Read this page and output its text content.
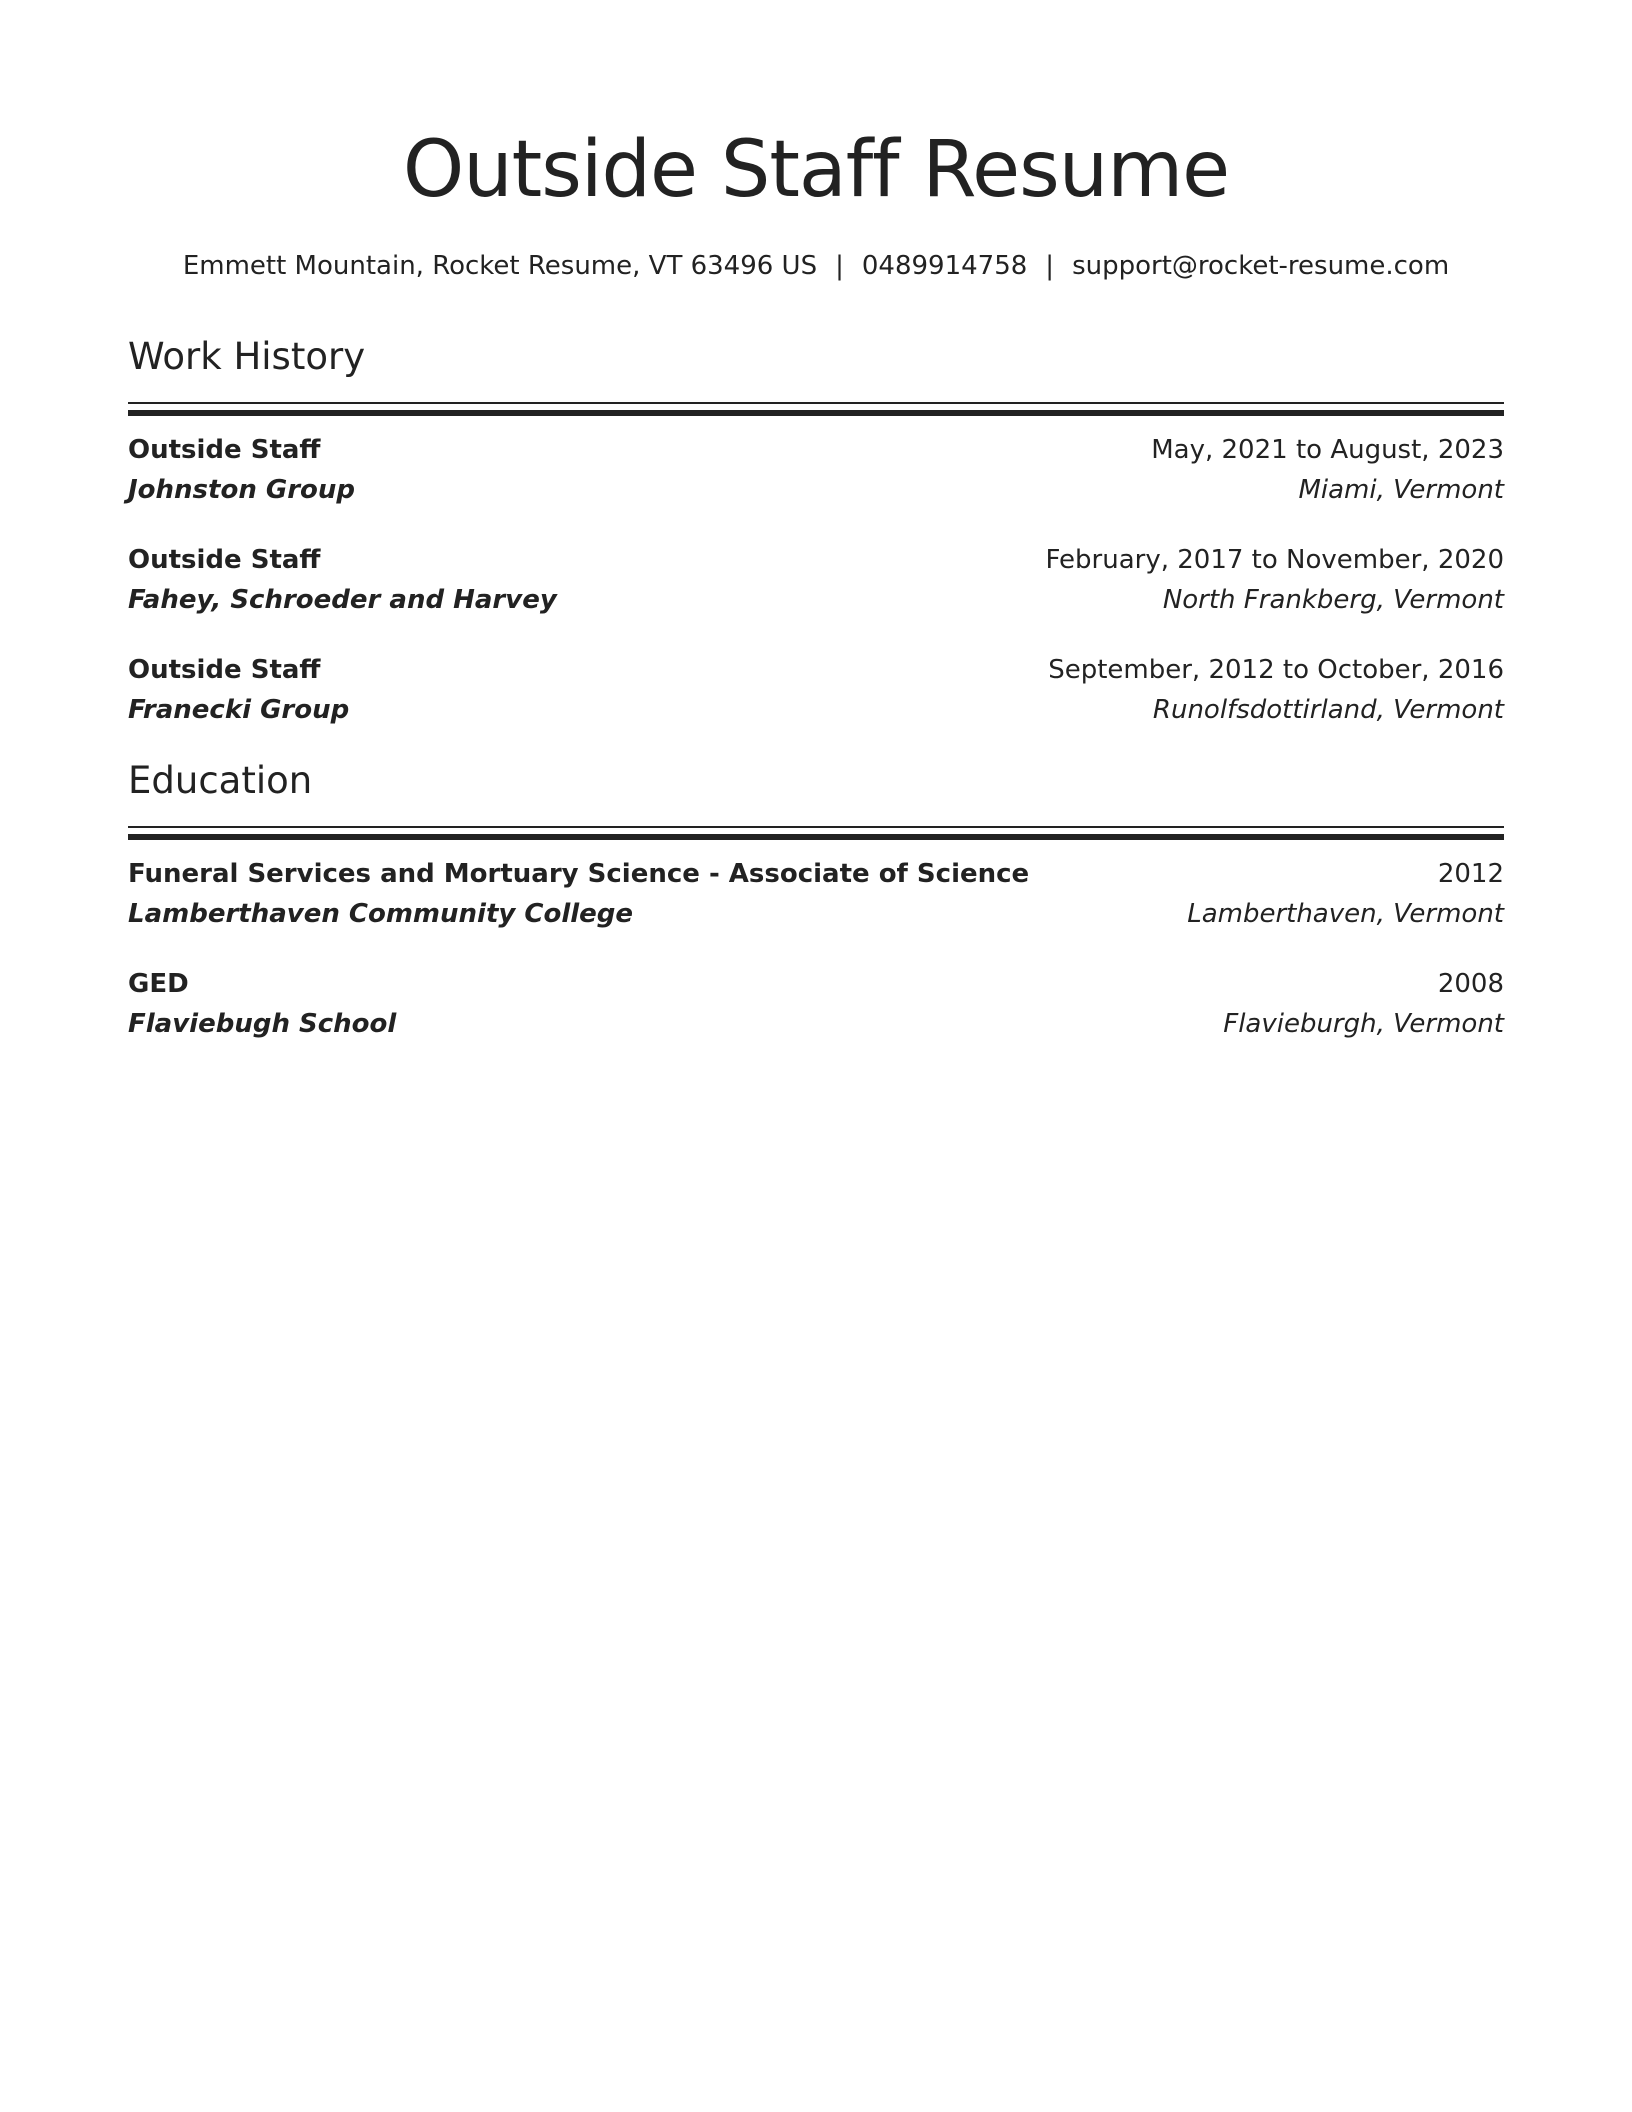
Outside Staff Resume
Emmett Mountain, Rocket Resume, VT 63496 US | 0489914758 | support@rocket-resume.com
Work History
Outside Staff	May, 2021 to August, 2023
Johnston Group	Miami, Vermont
Outside Staff	February, 2017 to November, 2020
Fahey, Schroeder and Harvey	North Frankberg, Vermont
Outside Staff	September, 2012 to October, 2016
Franecki Group	Runolfsdottirland, Vermont
Education
Funeral Services and Mortuary Science - Associate of Science	2012
Lamberthaven Community College	Lamberthaven, Vermont
GED	2008
Flaviebugh School	Flavieburgh, Vermont
